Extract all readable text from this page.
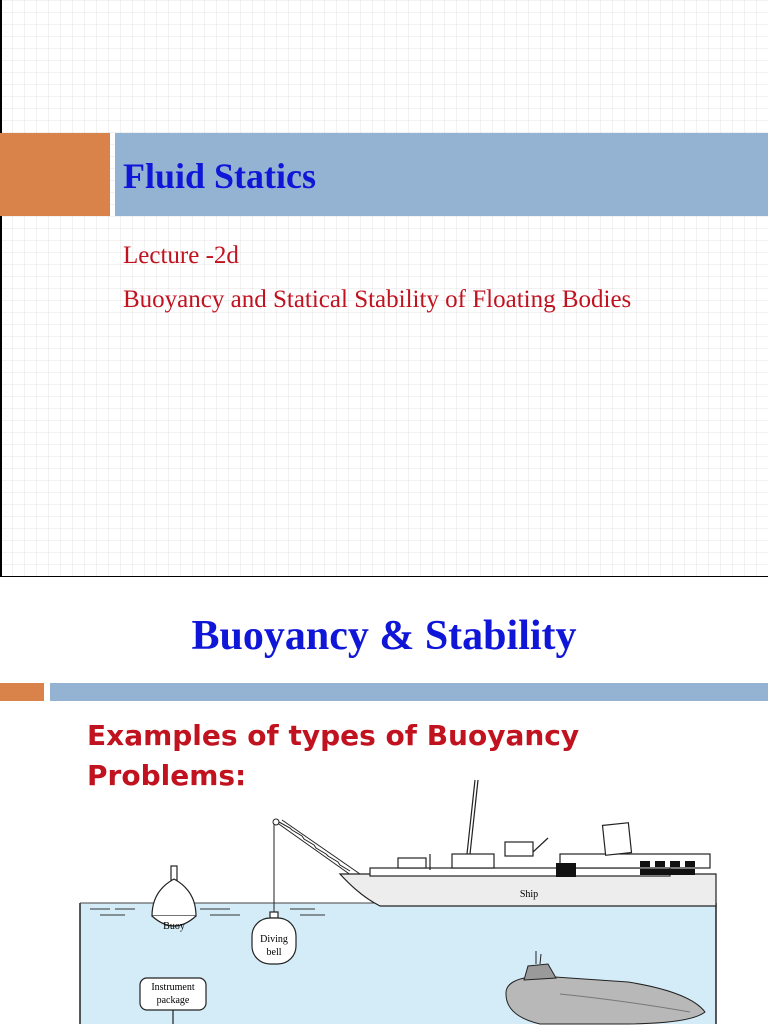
Fluid Statics
Lecture -2d
Buoyancy and Statical Stability of Floating Bodies
Buoyancy & Stability
Examples of types of Buoyancy Problems:
Buoy
Diving
bell
Ship
Instrument
package
